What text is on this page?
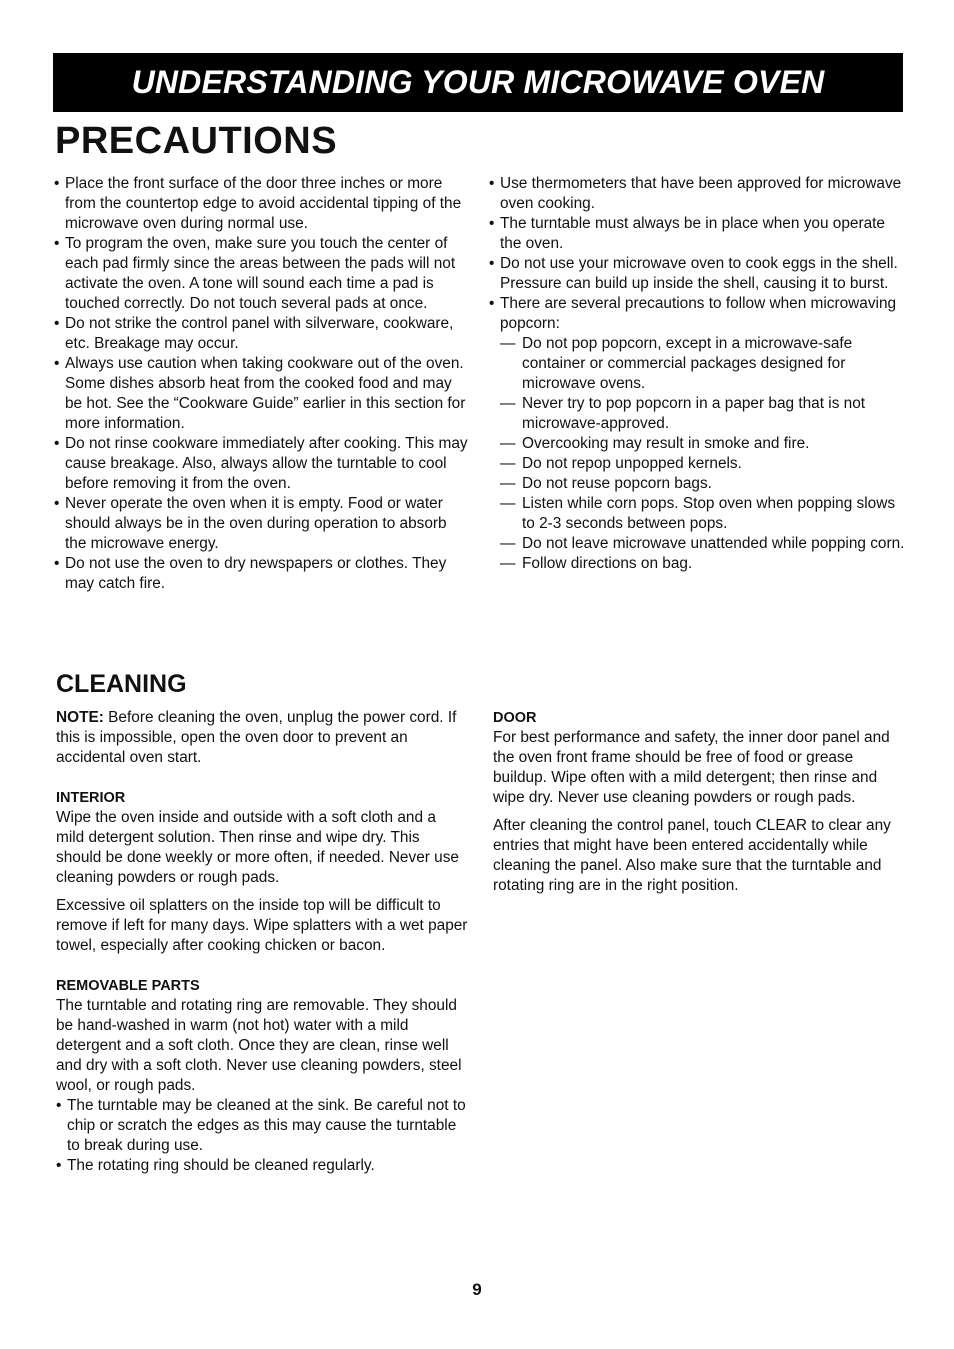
UNDERSTANDING YOUR MICROWAVE OVEN
PRECAUTIONS
• Place the front surface of the door three inches or more from the countertop edge to avoid accidental tipping of the microwave oven during normal use.
• To program the oven, make sure you touch the center of each pad firmly since the areas between the pads will not activate the oven. A tone will sound each time a pad is touched correctly. Do not touch several pads at once.
• Do not strike the control panel with silverware, cookware, etc. Breakage may occur.
• Always use caution when taking cookware out of the oven. Some dishes absorb heat from the cooked food and may be hot. See the “Cookware Guide” earlier in this section for more information.
• Do not rinse cookware immediately after cooking. This may cause breakage. Also, always allow the turntable to cool before removing it from the oven.
• Never operate the oven when it is empty. Food or water should always be in the oven during operation to absorb the microwave energy.
• Do not use the oven to dry newspapers or clothes. They may catch fire.
• Use thermometers that have been approved for microwave oven cooking.
• The turntable must always be in place when you operate the oven.
• Do not use your microwave oven to cook eggs in the shell. Pressure can build up inside the shell, causing it to burst.
• There are several precautions to follow when microwaving popcorn:
— Do not pop popcorn, except in a microwave-safe container or commercial packages designed for microwave ovens.
— Never try to pop popcorn in a paper bag that is not microwave-approved.
— Overcooking may result in smoke and fire.
— Do not repop unpopped kernels.
— Do not reuse popcorn bags.
— Listen while corn pops. Stop oven when popping slows to 2-3 seconds between pops.
— Do not leave microwave unattended while popping corn.
— Follow directions on bag.
CLEANING

NOTE: Before cleaning the oven, unplug the power cord. If this is impossible, open the oven door to prevent an accidental oven start.

INTERIOR

Wipe the oven inside and outside with a soft cloth and a mild detergent solution. Then rinse and wipe dry. This should be done weekly or more often, if needed. Never use cleaning powders or rough pads.

Excessive oil splatters on the inside top will be difficult to remove if left for many days. Wipe splatters with a wet paper towel, especially after cooking chicken or bacon.

REMOVABLE PARTS

The turntable and rotating ring are removable. They should be hand-washed in warm (not hot) water with a mild detergent and a soft cloth. Once they are clean, rinse well and dry with a soft cloth. Never use cleaning powders, steel wool, or rough pads.

• The turntable may be cleaned at the sink. Be careful not to chip or scratch the edges as this may cause the turntable to break during use.
• The rotating ring should be cleaned regularly.

DOOR

For best performance and safety, the inner door panel and the oven front frame should be free of food or grease buildup. Wipe often with a mild detergent; then rinse and wipe dry. Never use cleaning powders or rough pads.

After cleaning the control panel, touch CLEAR to clear any entries that might have been entered accidentally while cleaning the panel. Also make sure that the turntable and rotating ring are in the right position.

9
